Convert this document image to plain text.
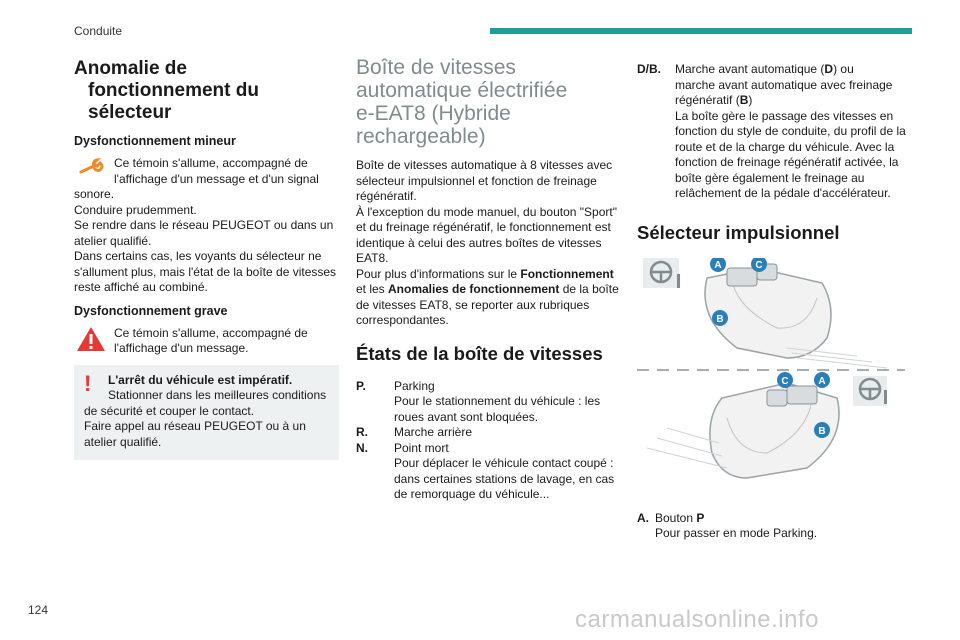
Conduite
Anomalie de
fonctionnement du
sélecteur
Dysfonctionnement mineur
Ce témoin s'allume, accompagné de l'affichage d'un message et d'un signal
sonore.
Conduire prudemment.
Se rendre dans le réseau PEUGEOT ou dans un atelier qualifié.
Dans certains cas, les voyants du sélecteur ne s'allument plus, mais l'état de la boîte de vitesses reste affiché au combiné.
Dysfonctionnement grave
Ce témoin s'allume, accompagné de l'affichage d'un message.
!	L'arrêt du véhicule est impératif.
Stationner dans les meilleures conditions
de sécurité et couper le contact.
Faire appel au réseau PEUGEOT ou à un atelier qualifié.
Boîte de vitesses
automatique électrifiée
e-EAT8 (Hybride
rechargeable)
Boîte de vitesses automatique à 8 vitesses avec sélecteur impulsionnel et fonction de freinage régénératif.
À l'exception du mode manuel, du bouton "Sport" et du freinage régénératif, le fonctionnement est identique à celui des autres boîtes de vitesses EAT8.
Pour plus d'informations sur le Fonctionnement et les Anomalies de fonctionnement de la boîte de vitesses EAT8, se reporter aux rubriques correspondantes.
États de la boîte de vitesses
P.	Parking
Pour le stationnement du véhicule : les roues avant sont bloquées.
R.	Marche arrière
N.	Point mort
Pour déplacer le véhicule contact coupé : dans certaines stations de lavage, en cas de remorquage du véhicule...
D/B.	Marche avant automatique (D) ou
marche avant automatique avec freinage régénératif (B)
La boîte gère le passage des vitesses en fonction du style de conduite, du profil de la route et de la charge du véhicule. Avec la fonction de freinage régénératif activée, la boîte gère également le freinage au relâchement de la pédale d'accélérateur.
Sélecteur impulsionnel
A	C
B
C	A
B
A. Bouton P
Pour passer en mode Parking.
124	carmanualsonline.info
